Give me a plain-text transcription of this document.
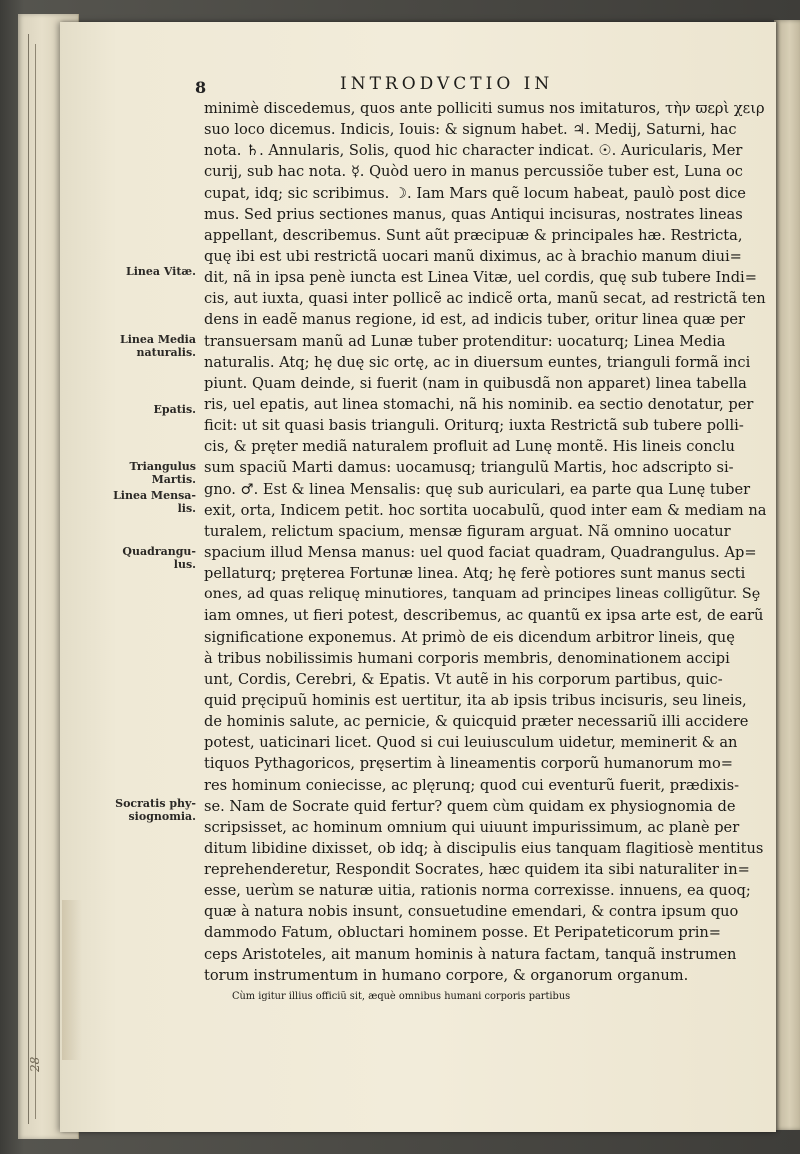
8	INTRODVCTIO IN
Linea Vitæ.
Linea Media naturalis.
Epatis.
Triangulus Martis.
Linea Mensa- lis.
Quadrangu- lus.
Socratis phy- siognomia.
minimè discedemus, quos ante polliciti sumus nos imitaturos, τὴν ϖερὶ χειρ
suo loco dicemus. Indicis, Iouis: & signum habet. ♃. Medij, Saturni, hac
nota. ♄. Annularis, Solis, quod hic character indicat. ☉. Auricularis, Mer
curij, sub hac nota. ☿. Quòd uero in manus percussiõe tuber est, Luna oc
cupat, idq; sic scribimus. ☽. Iam Mars quẽ locum habeat, paulò post dice
mus. Sed prius sectiones manus, quas Antiqui incisuras, nostrates lineas
appellant, describemus. Sunt aũt præcipuæ & principales hæ. Restricta,
quę ibi est ubi restrictã uocari manũ diximus, ac à brachio manum diui=
dit, nã in ipsa penè iuncta est Linea Vitæ, uel cordis, quę sub tubere Indi=
cis, aut iuxta, quasi inter pollicẽ ac indicẽ orta, manũ secat, ad restrictã ten
dens in eadẽ manus regione, id est, ad indicis tuber, oritur linea quæ per
transuersam manũ ad Lunæ tuber protenditur: uocaturq; Linea Media
naturalis. Atq; hę duę sic ortę, ac in diuersum euntes, trianguli formã inci
piunt. Quam deinde, si fuerit (nam in quibusdã non apparet) linea tabella
ris, uel epatis, aut linea stomachi, nã his nominib. ea sectio denotatur, per
ficit: ut sit quasi basis trianguli. Oriturq; iuxta Restrictã sub tubere polli-
cis, & pręter mediã naturalem profluit ad Lunę montẽ. His lineis conclu
sum spaciũ Marti damus: uocamusq; triangulũ Martis, hoc adscripto si-
gno. ♂. Est & linea Mensalis: quę sub auriculari, ea parte qua Lunę tuber
exit, orta, Indicem petit. hoc sortita uocabulũ, quod inter eam & mediam na
turalem, relictum spacium, mensæ figuram arguat. Nã omnino uocatur
spacium illud Mensa manus: uel quod faciat quadram, Quadrangulus. Ap=
pellaturq; pręterea Fortunæ linea. Atq; hę ferè potiores sunt manus secti
ones, ad quas reliquę minutiores, tanquam ad principes lineas colligũtur. Sȩ
iam omnes, ut fieri potest, describemus, ac quantũ ex ipsa arte est, de earũ
significatione exponemus. At primò de eis dicendum arbitror lineis, quę
à tribus nobilissimis humani corporis membris, denominationem accipi
unt, Cordis, Cerebri, & Epatis. Vt autẽ in his corporum partibus, quic-
quid pręcipuũ hominis est uertitur, ita ab ipsis tribus incisuris, seu lineis,
de hominis salute, ac pernicie, & quicquid præter necessariũ illi accidere
potest, uaticinari licet. Quod si cui leuiusculum uidetur, meminerit & an
tiquos Pythagoricos, pręsertim à lineamentis corporũ humanorum mo=
res hominum coniecisse, ac plęrunq; quod cui eventurũ fuerit, prædixis-
se. Nam de Socrate quid fertur? quem cùm quidam ex physiognomia de
scripsisset, ac hominum omnium qui uiuunt impurissimum, ac planè per
ditum libidine dixisset, ob idq; à discipulis eius tanquam flagitiosè mentitus
reprehenderetur, Respondit Socrates, hæc quidem ita sibi naturaliter in=
esse, uerùm se naturæ uitia, rationis norma correxisse. innuens, ea quoq;
quæ à natura nobis insunt, consuetudine emendari, & contra ipsum quo
dammodo Fatum, obluctari hominem posse. Et Peripateticorum prin=
ceps Aristoteles, ait manum hominis à natura factam, tanquã instrumen
torum instrumentum in humano corpore, & organorum organum.
Cùm igitur illius officiũ sit, æquè omnibus humani corporis partibus
28
